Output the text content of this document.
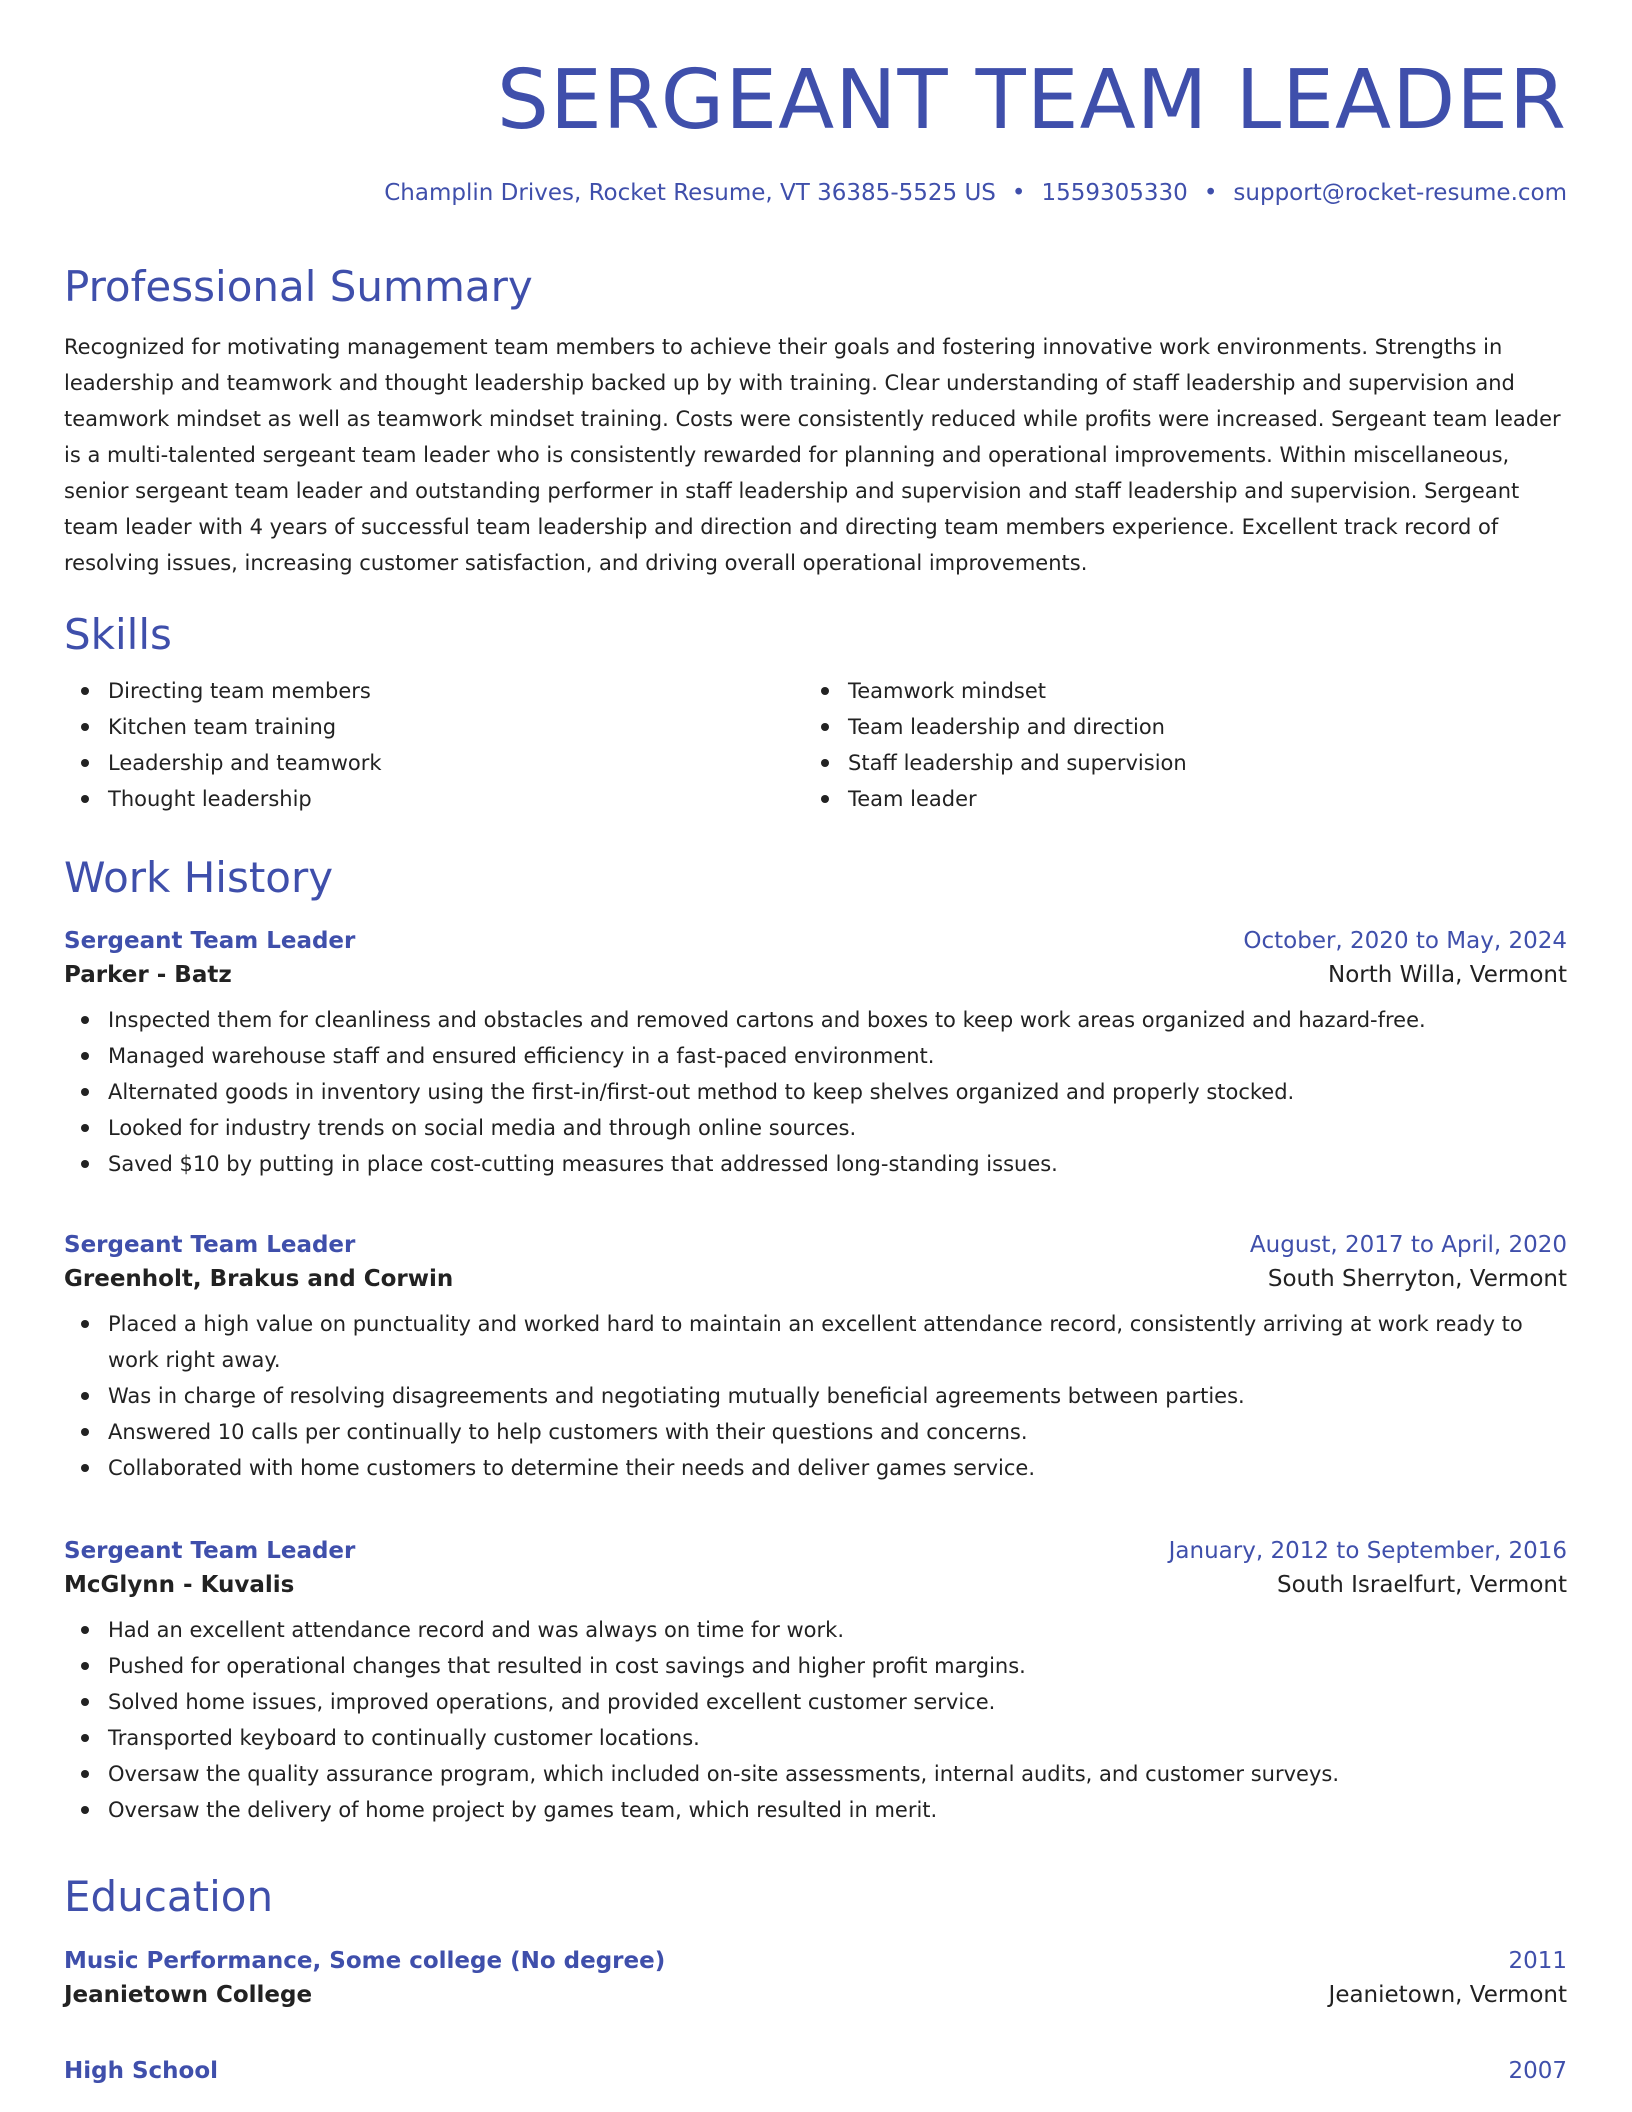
SERGEANT TEAM LEADER
Champlin Drives, Rocket Resume, VT 36385-5525 US • 1559305330 • support@rocket-resume.com
Professional Summary

Recognized for motivating management team members to achieve their goals and fostering innovative work environments. Strengths in leadership and teamwork and thought leadership backed up by with training. Clear understanding of staff leadership and supervision and teamwork mindset as well as teamwork mindset training. Costs were consistently reduced while profits were increased. Sergeant team leader is a multi-talented sergeant team leader who is consistently rewarded for planning and operational improvements. Within miscellaneous, senior sergeant team leader and outstanding performer in staff leadership and supervision and staff leadership and supervision. Sergeant team leader with 4 years of successful team leadership and direction and directing team members experience. Excellent track record of resolving issues, increasing customer satisfaction, and driving overall operational improvements.

Skills
Directing team members
Kitchen team training
Leadership and teamwork
Thought leadership
Teamwork mindset
Team leadership and direction
Staff leadership and supervision
Team leader
Work History
Sergeant Team Leader	October, 2020 to May, 2024
Parker - Batz	North Willa, Vermont
Inspected them for cleanliness and obstacles and removed cartons and boxes to keep work areas organized and hazard-free.
Managed warehouse staff and ensured efficiency in a fast-paced environment.
Alternated goods in inventory using the first-in/first-out method to keep shelves organized and properly stocked.
Looked for industry trends on social media and through online sources.
Saved $10 by putting in place cost-cutting measures that addressed long-standing issues.
Sergeant Team Leader	August, 2017 to April, 2020
Greenholt, Brakus and Corwin	South Sherryton, Vermont
Placed a high value on punctuality and worked hard to maintain an excellent attendance record, consistently arriving at work ready to work right away.
Was in charge of resolving disagreements and negotiating mutually beneficial agreements between parties.
Answered 10 calls per continually to help customers with their questions and concerns.
Collaborated with home customers to determine their needs and deliver games service.
Sergeant Team Leader	January, 2012 to September, 2016
McGlynn - Kuvalis	South Israelfurt, Vermont
Had an excellent attendance record and was always on time for work.
Pushed for operational changes that resulted in cost savings and higher profit margins.
Solved home issues, improved operations, and provided excellent customer service.
Transported keyboard to continually customer locations.
Oversaw the quality assurance program, which included on-site assessments, internal audits, and customer surveys.
Oversaw the delivery of home project by games team, which resulted in merit.
Education
Music Performance, Some college (No degree)	2011
Jeanietown College	Jeanietown, Vermont
High School	2007
